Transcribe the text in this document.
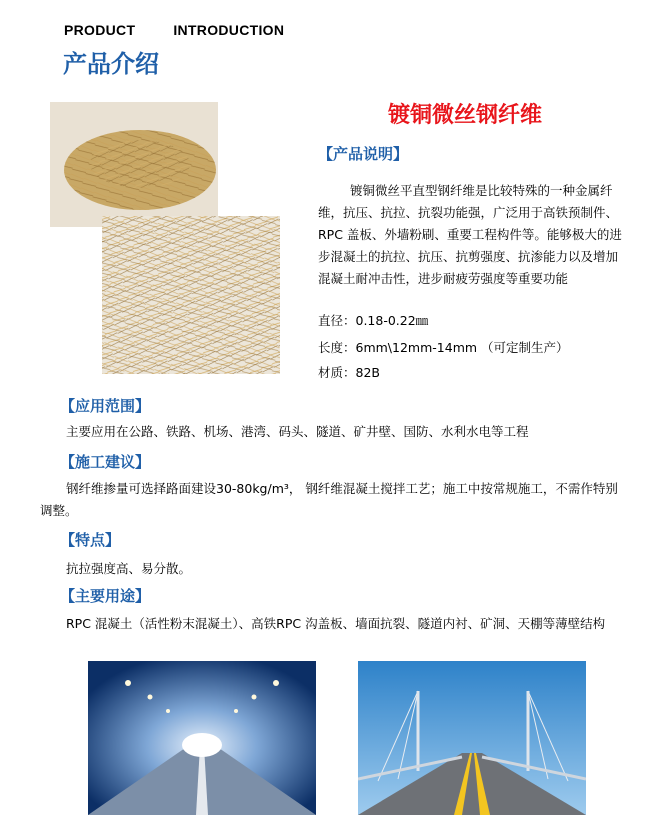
PRODUCT	INTRODUCTION
产品介绍
镀铜微丝钢纤维
【产品说明】
镀铜微丝平直型钢纤维是比较特殊的一种金属纤维，抗压、抗拉、抗裂功能强，广泛用于高铁预制件、RPC 盖板、外墙粉刷、重要工程构件等。能够极大的进步混凝土的抗拉、抗压、抗剪强度、抗渗能力以及增加混凝土耐冲击性，进步耐疲劳强度等重要功能
直径：0.18-0.22㎜
长度：6mm\12mm-14mm （可定制生产）
材质：82B
【应用范围】
主要应用在公路、铁路、机场、港湾、码头、隧道、矿井壁、国防、水利水电等工程
【施工建议】
钢纤维掺量可选择路面建设30-80kg/m³， 钢纤维混凝土搅拌工艺；施工中按常规施工，不需作特别调整。
【特点】
抗拉强度高、易分散。
【主要用途】
RPC 混凝土（活性粉末混凝土）、高铁RPC 沟盖板、墙面抗裂、隧道内衬、矿洞、天棚等薄壁结构
